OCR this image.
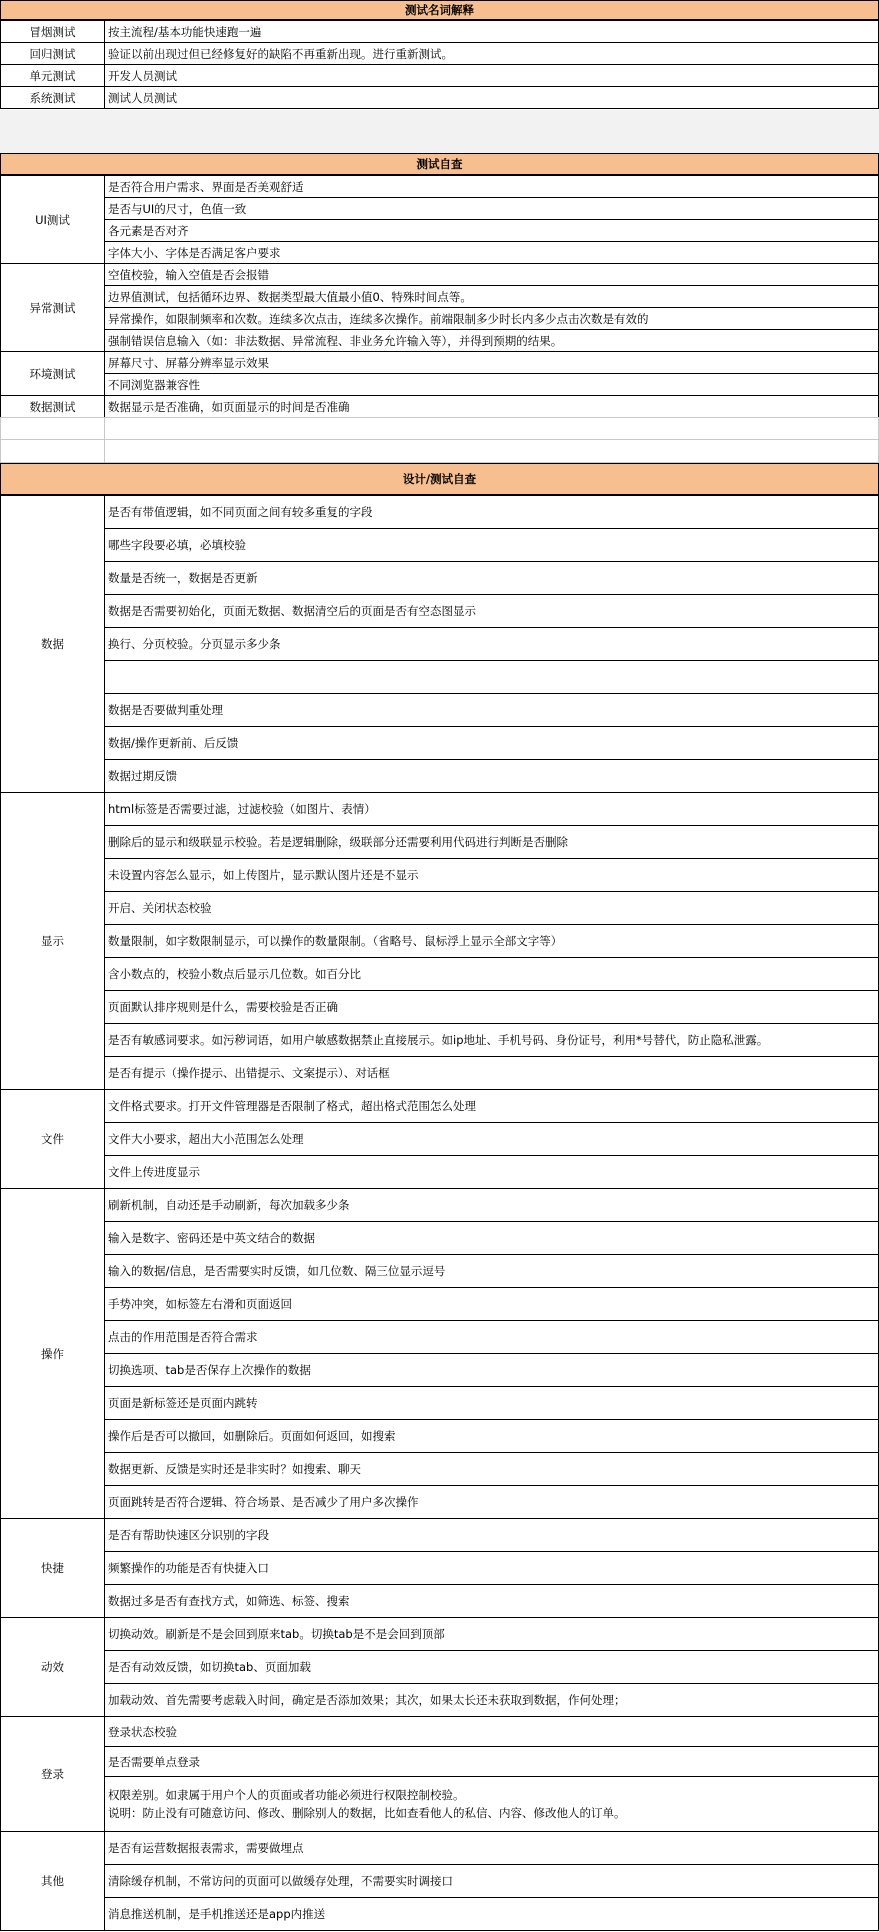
测试名词解释
冒烟测试	按主流程/基本功能快速跑一遍
回归测试	验证以前出现过但已经修复好的缺陷不再重新出现。进行重新测试。
单元测试	开发人员测试
系统测试	测试人员测试
测试自查
UI测试	是否符合用户需求、界面是否美观舒适
	是否与UI的尺寸，色值一致
	各元素是否对齐
	字体大小、字体是否满足客户要求
异常测试	空值校验，输入空值是否会报错
	边界值测试，包括循环边界、数据类型最大值最小值0、特殊时间点等。
	异常操作，如限制频率和次数。连续多次点击，连续多次操作。前端限制多少时长内多少点击次数是有效的
	强制错误信息输入（如：非法数据、异常流程、非业务允许输入等），并得到预期的结果。
环境测试	屏幕尺寸、屏幕分辨率显示效果
	不同浏览器兼容性
数据测试	数据显示是否准确，如页面显示的时间是否准确

设计/测试自查
数据	是否有带值逻辑，如不同页面之间有较多重复的字段
	哪些字段要必填，必填校验
	数量是否统一，数据是否更新
	数据是否需要初始化，页面无数据、数据清空后的页面是否有空态图显示
	换行、分页校验。分页显示多少条

	数据是否要做判重处理
	数据/操作更新前、后反馈
	数据过期反馈
显示	html标签是否需要过滤，过滤校验（如图片、表情）
	删除后的显示和级联显示校验。若是逻辑删除，级联部分还需要利用代码进行判断是否删除
	未设置内容怎么显示，如上传图片，显示默认图片还是不显示
	开启、关闭状态校验
	数量限制，如字数限制显示，可以操作的数量限制。（省略号、鼠标浮上显示全部文字等）
	含小数点的，校验小数点后显示几位数。如百分比
	页面默认排序规则是什么，需要校验是否正确
	是否有敏感词要求。如污秽词语，如用户敏感数据禁止直接展示。如ip地址、手机号码、身份证号，利用*号替代，防止隐私泄露。
	是否有提示（操作提示、出错提示、文案提示）、对话框
文件	文件格式要求。打开文件管理器是否限制了格式，超出格式范围怎么处理
	文件大小要求，超出大小范围怎么处理
	文件上传进度显示
操作	刷新机制，自动还是手动刷新，每次加载多少条
	输入是数字、密码还是中英文结合的数据
	输入的数据/信息，是否需要实时反馈，如几位数、隔三位显示逗号
	手势冲突，如标签左右滑和页面返回
	点击的作用范围是否符合需求
	切换选项、tab是否保存上次操作的数据
	页面是新标签还是页面内跳转
	操作后是否可以撤回，如删除后。页面如何返回，如搜索
	数据更新、反馈是实时还是非实时？如搜索、聊天
	页面跳转是否符合逻辑、符合场景、是否减少了用户多次操作
快捷	是否有帮助快速区分识别的字段
	频繁操作的功能是否有快捷入口
	数据过多是否有查找方式，如筛选、标签、搜索
动效	切换动效。刷新是不是会回到原来tab。切换tab是不是会回到顶部
	是否有动效反馈，如切换tab、页面加载
	加载动效、首先需要考虑载入时间，确定是否添加效果；其次，如果太长还未获取到数据，作何处理；
登录	登录状态校验
	是否需要单点登录
	权限差别。如隶属于用户个人的页面或者功能必须进行权限控制校验。
说明：防止没有可随意访问、修改、删除别人的数据，比如查看他人的私信、内容、修改他人的订单。
其他	是否有运营数据报表需求，需要做埋点
	清除缓存机制，不常访问的页面可以做缓存处理，不需要实时调接口
	消息推送机制，是手机推送还是app内推送
